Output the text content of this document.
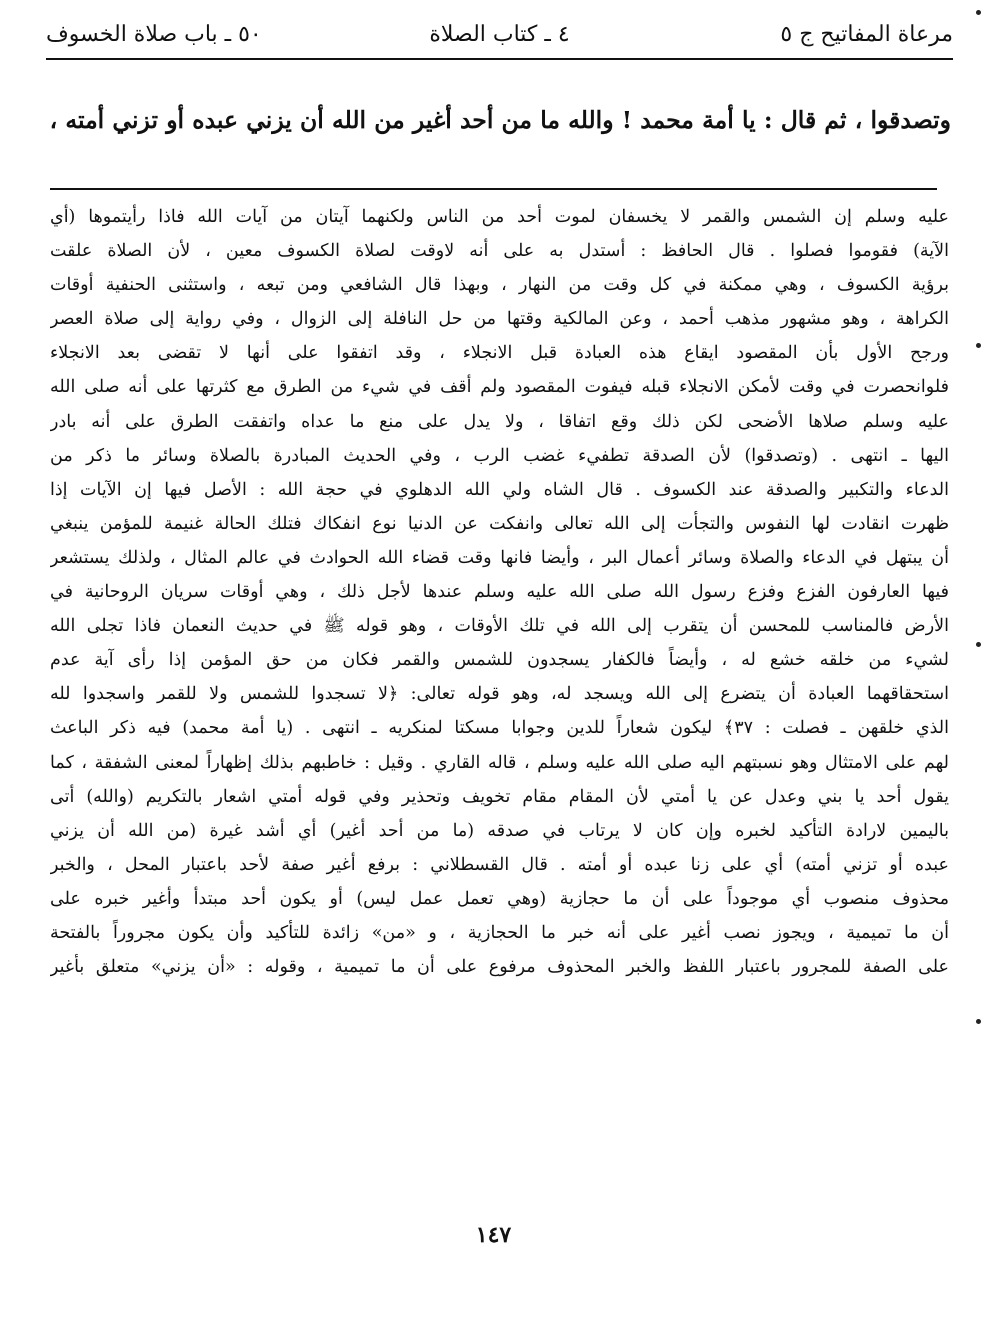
مرعاة المفاتيح ج ٥
٤ ـ كتاب الصلاة
٥٠ ـ باب صلاة الخسوف
وتصدقوا ، ثم قال : يا أمة محمد ! والله ما من أحد أغير من الله أن يزني عبده أو تزني أمته ،
عليه وسلم إن الشمس والقمر لا يخسفان لموت أحد من الناس ولكنهما آيتان من آيات الله فاذا رأيتموها (أي
الآية) فقوموا فصلوا . قال الحافظ : أستدل به على أنه لاوقت لصلاة الكسوف معين ، لأن الصلاة علقت
برؤية الكسوف ، وهي ممكنة في كل وقت من النهار ، وبهذا قال الشافعي ومن تبعه ، واستثنى الحنفية أوقات
الكراهة ، وهو مشهور مذهب أحمد ، وعن المالكية وقتها من حل النافلة إلى الزوال ، وفي رواية إلى صلاة العصر
ورجح الأول بأن المقصود ايقاع هذه العبادة قبل الانجلاء ، وقد اتفقوا على أنها لا تقضى بعد الانجلاء
فلوانحصرت في وقت لأمكن الانجلاء قبله فيفوت المقصود ولم أقف في شيء من الطرق مع كثرتها على أنه صلى الله
عليه وسلم صلاها الأضحى لكن ذلك وقع اتفاقا ، ولا يدل على منع ما عداه واتفقت الطرق على أنه بادر
اليها ـ انتهى . (وتصدقوا) لأن الصدقة تطفيء غضب الرب ، وفي الحديث المبادرة بالصلاة وسائر ما ذكر من
الدعاء والتكبير والصدقة عند الكسوف . قال الشاه ولي الله الدهلوي في حجة الله : الأصل فيها إن الآيات إذا
ظهرت انقادت لها النفوس والتجأت إلى الله تعالى وانفكت عن الدنيا نوع انفكاك فتلك الحالة غنيمة للمؤمن ينبغي
أن يبتهل في الدعاء والصلاة وسائر أعمال البر ، وأيضا فانها وقت قضاء الله الحوادث في عالم المثال ، ولذلك يستشعر
فيها العارفون الفزع وفزع رسول الله صلى الله عليه وسلم عندها لأجل ذلك ، وهي أوقات سريان الروحانية في
الأرض فالمناسب للمحسن أن يتقرب إلى الله في تلك الأوقات ، وهو قوله ﷺ في حديث النعمان فاذا تجلى الله
لشيء من خلقه خشع له ، وأيضاً فالكفار يسجدون للشمس والقمر فكان من حق المؤمن إذا رأى آية عدم
استحقاقهما العبادة أن يتضرع إلى الله ويسجد له، وهو قوله تعالى: ﴿لا تسجدوا للشمس ولا للقمر واسجدوا لله
الذي خلقهن ـ فصلت : ٣٧﴾ ليكون شعاراً للدين وجوابا مسكتا لمنكريه ـ انتهى . (يا أمة محمد) فيه ذكر الباعث
لهم على الامتثال وهو نسبتهم اليه صلى الله عليه وسلم ، قاله القاري . وقيل : خاطبهم بذلك إظهاراً لمعنى الشفقة ، كما
يقول أحد يا بني وعدل عن يا أمتي لأن المقام مقام تخويف وتحذير وفي قوله أمتي اشعار بالتكريم (والله) أتى
باليمين لارادة التأكيد لخبره وإن كان لا يرتاب في صدقه (ما من أحد أغير) أي أشد غيرة (من الله أن يزني
عبده أو تزني أمته) أي على زنا عبده أو أمته . قال القسطلاني : برفع أغير صفة لأحد باعتبار المحل ، والخبر
محذوف منصوب أي موجوداً على أن ما حجازية (وهي تعمل عمل ليس) أو يكون أحد مبتدأ وأغير خبره على
أن ما تميمية ، ويجوز نصب أغير على أنه خبر ما الحجازية ، و «من» زائدة للتأكيد وأن يكون مجروراً بالفتحة
على الصفة للمجرور باعتبار اللفظ والخبر المحذوف مرفوع على أن ما تميمية ، وقوله : «أن يزني» متعلق بأغير
١٤٧
